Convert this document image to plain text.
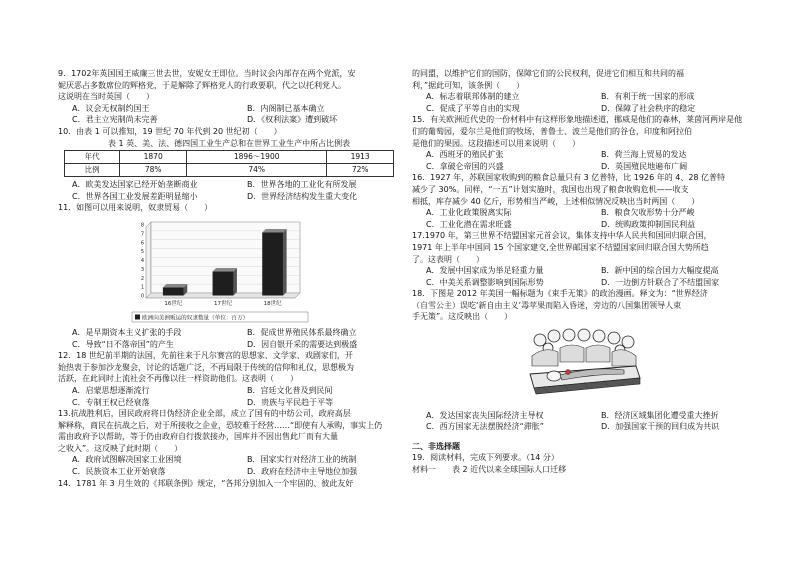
9．1702年英国国王威廉三世去世，安妮女王即位。当时议会内部存在两个党派，安
妮厌恶占多数席位的辉格党，于是解除了辉格党人的行政要职，代之以托利党人。
这说明在当时英国（　　）

A．议会无权制约国王	B．内阁制已基本确立
C．君主立宪制尚未完善	D．《权利法案》遭到破坏

10．由表 1 可以推知，19 世纪 70 年代到 20 世纪初（　　）

表 1 英、美、法、德四国工业生产总和在世界工业生产中所占比例表
年代	1870	1896～1900	1913
比例	78%	74%	72%
A．欧美发达国家已经开始垄断商业	B．世界各地的工业化有所发展
C．世界各国工业发展差距明显缩小	D．世界经济结构发生重大变化

11．如图可以用来说明，奴隶贸易（　　）

0
1
2
3
4
5
6
7
8
16世纪	17世纪	18世纪
欧洲向美洲贩运的奴隶数量（单位：百万）
A．是早期资本主义扩张的手段	B．促成世界殖民体系最终确立
C．导致“日不落帝国”的产生	D．因自银开采的需要达到极盛

12．18 世纪前半期的法国，先前往来于凡尔赛宫的思想家、文学家、戏剧家们，开
始热衷于参加沙龙聚会，讨论的话题广泛，不再局限于传统的信仰和礼仪，思想极为
活跃，在此同时上流社会不再像以往一样资助他们。这表明（　　）

A．启蒙思想逐渐流行	B．宫廷文化普及到民间
C．专制王权已经衰落	D．贵族与平民趋于平等

13.抗战胜利后，国民政府将日伪经济企业全部，成立了国有的中纺公司，政府高层
解释称，商民在抗战之后，对于所接收之企业，恐较难于经营……“即使有人承购，事实上仍
需由政府予以帮助，等于仍由政府自行拨款接办，国库并不因出售此厂而有大量
之收入”。这反映了此时期（　　）

A．政府试图解决国家工业困境	B．国家实行对经济工业的统制
C．民族资本工业开始衰落	D．政府在经济中主导地位加强

14．1781 年 3 月生效的《邦联条例》规定，“各邦分别加入一个牢固的、彼此友好

的同盟，以维护它们的国防，保障它们的公民权利，促进它们相互和共同的福
利，”据此可知，该条例（　　）

A．标志着联邦体制的建立	B．有利于统一国家的形成
C．促成了平等自由的实现	D．保障了社会秩序的稳定

15．有关欧洲近代史的一份材料中有这样形象地描述道，挪威是他们的森林，莱茵河两岸是他
们的葡萄园，爱尔兰是他们的牧场，普鲁士、波兰是他们的谷仓，印度和阿拉伯
是他们的果园。这段描述可以用来说明（　　）

A．西班牙的殖民扩张	B．荷兰海上贸易的发达
C．拿破仑帝国的兴盛	D．英国殖民地遍布广阔

16．1927 年，苏联国家收购到的粮食总量只有 3 亿普特，比 1926 年的 4、28 亿普特
减少了 30%。同样，“一五”计划实施时，我国也出现了粮食收购危机——收支
相抵，库存减少 40 亿斤，形势相当严峻，上述相似情况反映出当时两国（　　）

A．工业化政策脱离实际	B．粮食欠收形势十分严峻
C．工业化潜在需求旺盛	D．统购政策抑制国民利益

17.1970 年，第三世界不结盟国家元首会议，集体支持中华人民共和国回归联合国，
1971 年上半年中国同 15 个国家建交,全世界邮国家不结盟国家回归联合国大势所趋
了。这表明（　　）

A．发展中国家成为举足轻重力量	B．新中国的综合国力大幅度提高
C．中美关系调整影响到国际形势	D．一边倒方针联合了不结盟国家

18．下图是 2012 年美国一幅标题为《束手无策》的政治漫画。释文为：“世界经济
（自雪公主）误吃‘新自由主义’毒苹果而陷入昏迷，旁边的八国集团领导人束
手无策”。这反映出（　　）

A．发达国家丧失国际经济主导权	B．经济区域集团化遭受重大挫折
C．西方国家无法摆脱经济“滞胀”	D．加强国家干预的回归成为共识
二、非选择题

19．阅读材料，完成下列要求。（14 分）

材料一　　表 2 近代以来全球国际人口迁移
